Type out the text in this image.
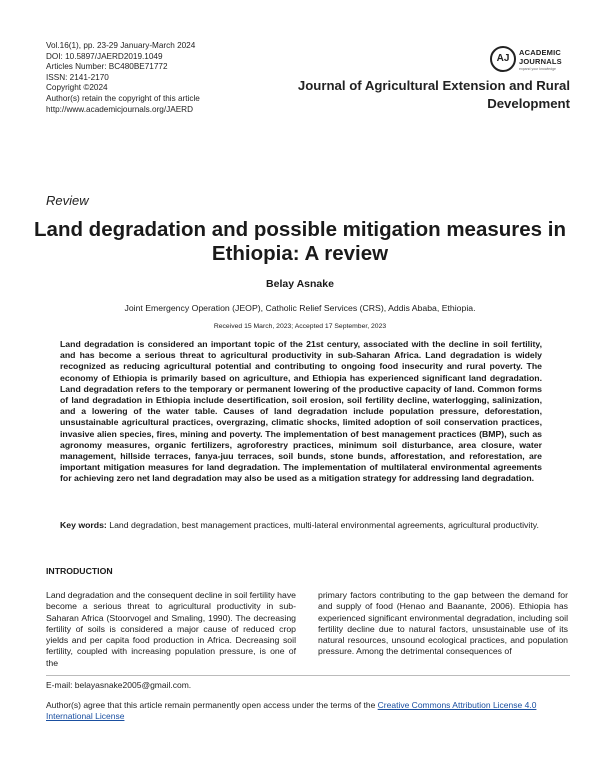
Vol.16(1), pp. 23-29 January-March 2024
DOI: 10.5897/JAERD2019.1049
Articles Number: BC480BE71772
ISSN: 2141-2170
Copyright ©2024
Author(s) retain the copyright of this article
http://www.academicjournals.org/JAERD
AJ
ACADEMIC
JOURNALS
expand your knowledge
Journal of Agricultural Extension and Rural
Development
Review
Land degradation and possible mitigation measures in Ethiopia: A review
Belay Asnake
Joint Emergency Operation (JEOP), Catholic Relief Services (CRS), Addis Ababa, Ethiopia.
Received 15 March, 2023; Accepted 17 September, 2023
Land degradation is considered an important topic of the 21st century, associated with the decline in soil fertility, and has become a serious threat to agricultural productivity in sub-Saharan Africa. Land degradation is widely recognized as reducing agricultural potential and contributing to ongoing food insecurity and rural poverty. The economy of Ethiopia is primarily based on agriculture, and Ethiopia has experienced significant land degradation. Land degradation refers to the temporary or permanent lowering of the productive capacity of land. Common forms of land degradation in Ethiopia include desertification, soil erosion, soil fertility decline, waterlogging, salinization, and a lowering of the water table. Causes of land degradation include population pressure, deforestation, unsustainable agricultural practices, overgrazing, climatic shocks, limited adoption of soil conservation practices, invasive alien species, fires, mining and poverty. The implementation of best management practices (BMP), such as agronomy measures, organic fertilizers, agroforestry practices, minimum soil disturbance, area closure, water management, hillside terraces, fanya-juu terraces, soil bunds, stone bunds, afforestation, and reforestation, are important mitigation measures for land degradation. The implementation of multilateral environmental agreements for achieving zero net land degradation may also be used as a mitigation strategy for addressing land degradation.
Key words: Land degradation, best management practices, multi-lateral environmental agreements, agricultural productivity.
INTRODUCTION
Land degradation and the consequent decline in soil fertility have become a serious threat to agricultural productivity in sub-Saharan Africa (Stoorvogel and Smaling, 1990). The decreasing fertility of soils is considered a major cause of reduced crop yields and per capita food production in Africa. Decreasing soil fertility, coupled with increasing population pressure, is one of the
primary factors contributing to the gap between the demand for and supply of food (Henao and Baanante, 2006). Ethiopia has experienced significant environmental degradation, including soil fertility decline due to natural factors, unsustainable use of its natural resources, unsound ecological practices, and population pressure. Among the detrimental consequences of
E-mail: belayasnake2005@gmail.com.
Author(s) agree that this article remain permanently open access under the terms of the Creative Commons Attribution License 4.0 International License
